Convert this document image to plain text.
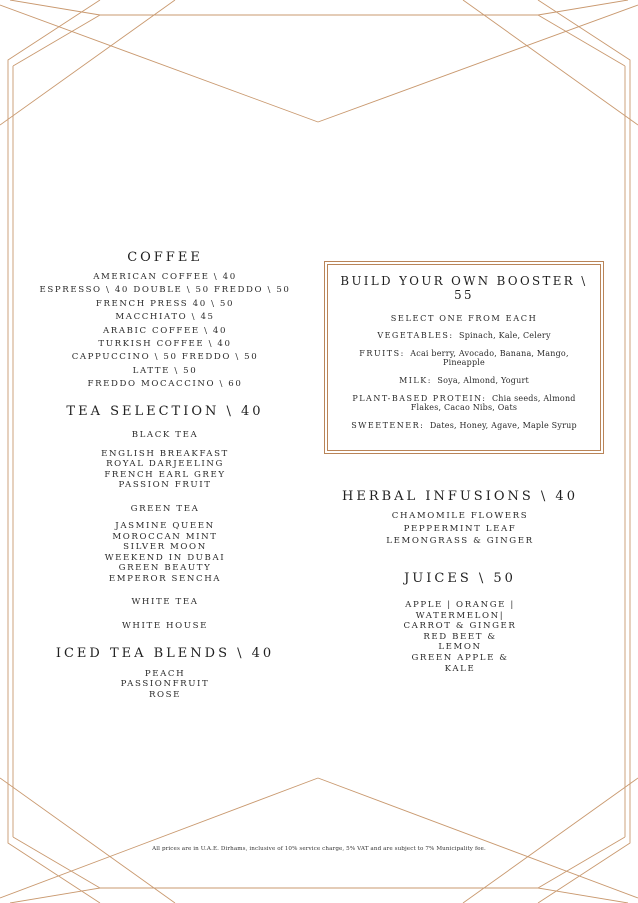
COFFEE

AMERICAN COFFEE \ 40

ESPRESSO \ 40 DOUBLE \ 50 FREDDO \ 50

FRENCH PRESS 40 \ 50

MACCHIATO \ 45

ARABIC COFFEE \ 40

TURKISH COFFEE \ 40

CAPPUCCINO \ 50 FREDDO \ 50

LATTE \ 50

FREDDO MOCACCINO \ 60

TEA SELECTION \ 40

BLACK TEA

ENGLISH BREAKFAST

ROYAL DARJEELING

FRENCH EARL GREY

PASSION FRUIT

GREEN TEA

JASMINE QUEEN

MOROCCAN MINT

SILVER MOON

WEEKEND IN DUBAI

GREEN BEAUTY

EMPEROR SENCHA

WHITE TEA

WHITE HOUSE

ICED TEA BLENDS \ 40

PEACH

PASSIONFRUIT

ROSE

BUILD YOUR OWN BOOSTER \ 55

SELECT ONE FROM EACH

VEGETABLES: Spinach, Kale, Celery

FRUITS: Acai berry, Avocado, Banana, Mango, Pineapple

MILK: Soya, Almond, Yogurt

PLANT-BASED PROTEIN: Chia seeds, Almond Flakes, Cacao Nibs, Oats

SWEETENER: Dates, Honey, Agave, Maple Syrup

HERBAL INFUSIONS \ 40

CHAMOMILE FLOWERS

PEPPERMINT LEAF

LEMONGRASS & GINGER

JUICES \ 50

APPLE | ORANGE | WATERMELON|

CARROT & GINGER

RED BEET & LEMON

GREEN APPLE & KALE

All prices are in U.A.E. Dirhams, inclusive of 10% service charge, 5% VAT and are subject to 7% Municipality fee.
